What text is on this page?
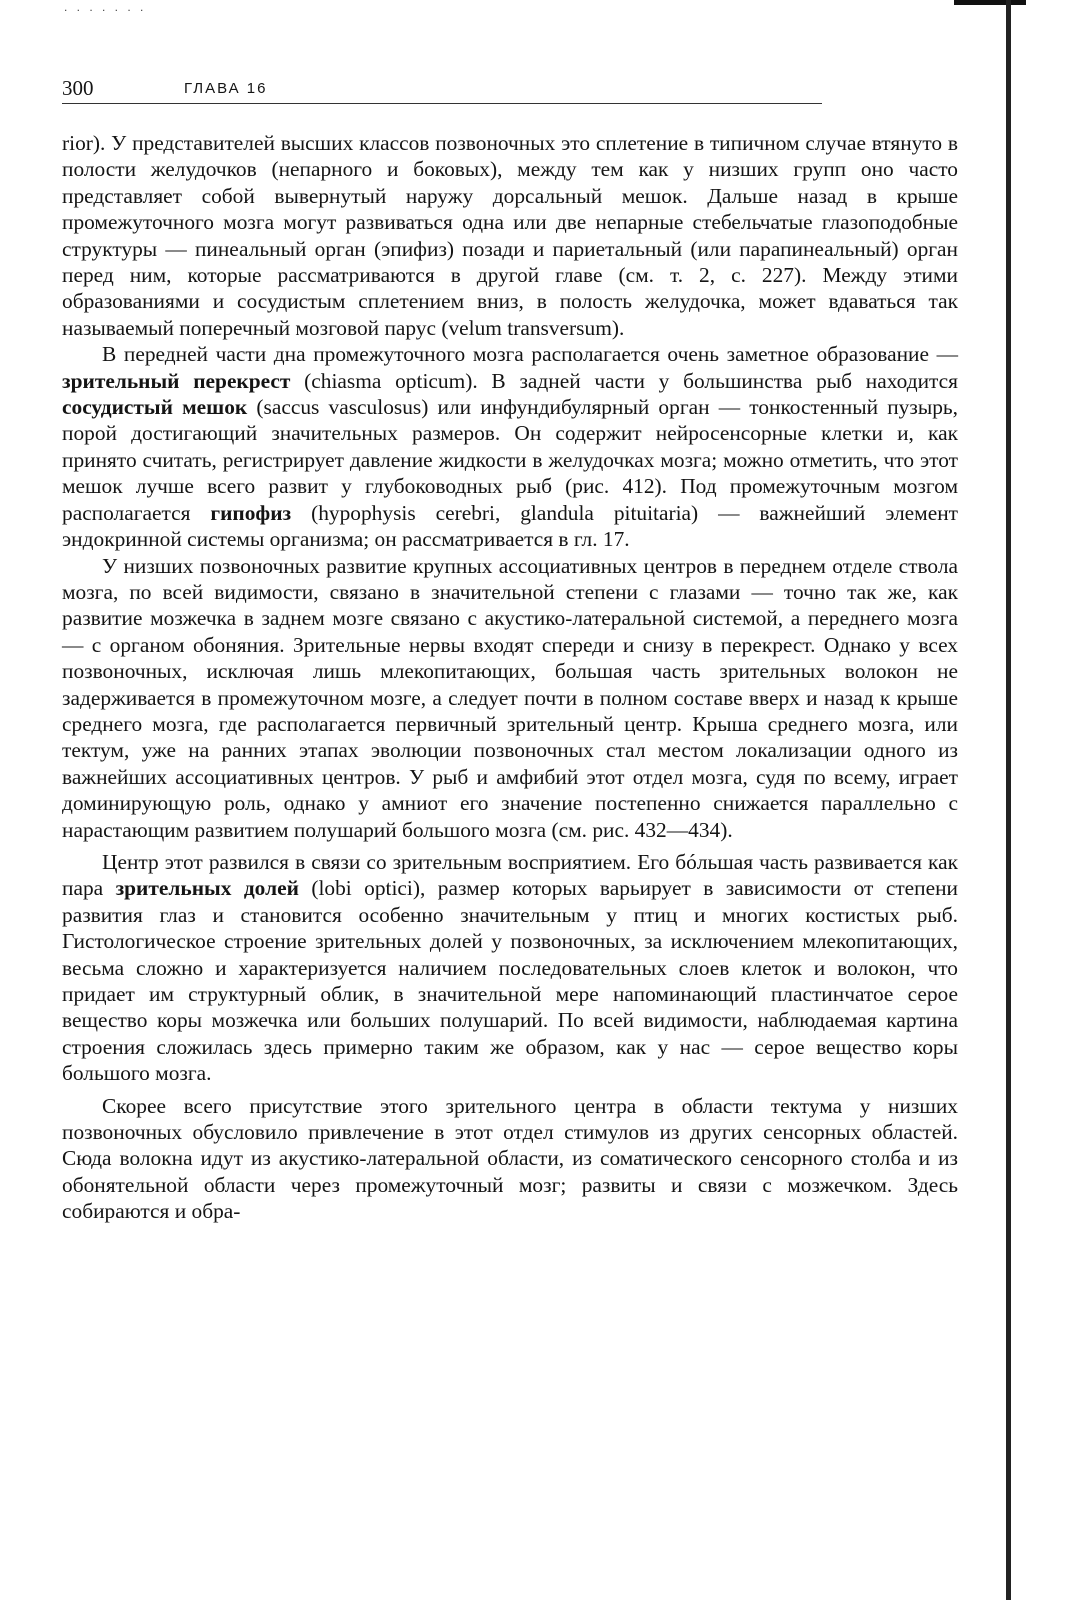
. . . . . . .
300	ГЛАВА 16

rior). У представителей высших классов позвоночных это сплетение в типичном случае втянуто в полости желудочков (непарного и боковых), между тем как у низших групп оно часто представляет собой вывернутый наружу дорсальный мешок. Дальше назад в крыше промежуточного мозга могут развиваться одна или две непарные стебельчатые глазоподобные структуры — пинеальный орган (эпифиз) позади и париетальный (или парапинеальный) орган перед ним, которые рассматриваются в другой главе (см. т. 2, с. 227). Между этими образованиями и сосудистым сплетением вниз, в полость желудочка, может вдаваться так называемый поперечный мозговой парус (velum transversum).

В передней части дна промежуточного мозга располагается очень заметное образование — зрительный перекрест (chiasma opticum). В задней части у большинства рыб находится сосудистый мешок (saccus vasculosus) или инфундибулярный орган — тонкостенный пузырь, порой достигающий значительных размеров. Он содержит нейросенсорные клетки и, как принято считать, регистрирует давление жидкости в желудочках мозга; можно отметить, что этот мешок лучше всего развит у глубоководных рыб (рис. 412). Под промежуточным мозгом располагается гипофиз (hypophysis cerebri, glandula pituitaria) — важнейший элемент эндокринной системы организма; он рассматривается в гл. 17.

У низших позвоночных развитие крупных ассоциативных центров в переднем отделе ствола мозга, по всей видимости, связано в значительной степени с глазами — точно так же, как развитие мозжечка в заднем мозге связано с акустико-латеральной системой, а переднего мозга — с органом обоняния. Зрительные нервы входят спереди и снизу в перекрест. Однако у всех позвоночных, исключая лишь млекопитающих, большая часть зрительных волокон не задерживается в промежуточном мозге, а следует почти в полном составе вверх и назад к крыше среднего мозга, где располагается первичный зрительный центр. Крыша среднего мозга, или тектум, уже на ранних этапах эволюции позвоночных стал местом локализации одного из важнейших ассоциативных центров. У рыб и амфибий этот отдел мозга, судя по всему, играет доминирующую роль, однако у амниот его значение постепенно снижается параллельно с нарастающим развитием полушарий большого мозга (см. рис. 432—434).

Центр этот развился в связи со зрительным восприятием. Его бóльшая часть развивается как пара зрительных долей (lobi optici), размер которых варьирует в зависимости от степени развития глаз и становится особенно значительным у птиц и многих костистых рыб. Гистологическое строение зрительных долей у позвоночных, за исключением млекопитающих, весьма сложно и характеризуется наличием последовательных слоев клеток и волокон, что придает им структурный облик, в значительной мере напоминающий пластинчатое серое вещество коры мозжечка или больших полушарий. По всей видимости, наблюдаемая картина строения сложилась здесь примерно таким же образом, как у нас — серое вещество коры большого мозга.

Скорее всего присутствие этого зрительного центра в области тектума у низших позвоночных обусловило привлечение в этот отдел стимулов из других сенсорных областей. Сюда волокна идут из акустико-латеральной области, из соматического сенсорного столба и из обонятельной области через промежуточный мозг; развиты и связи с мозжечком. Здесь собираются и обра-
